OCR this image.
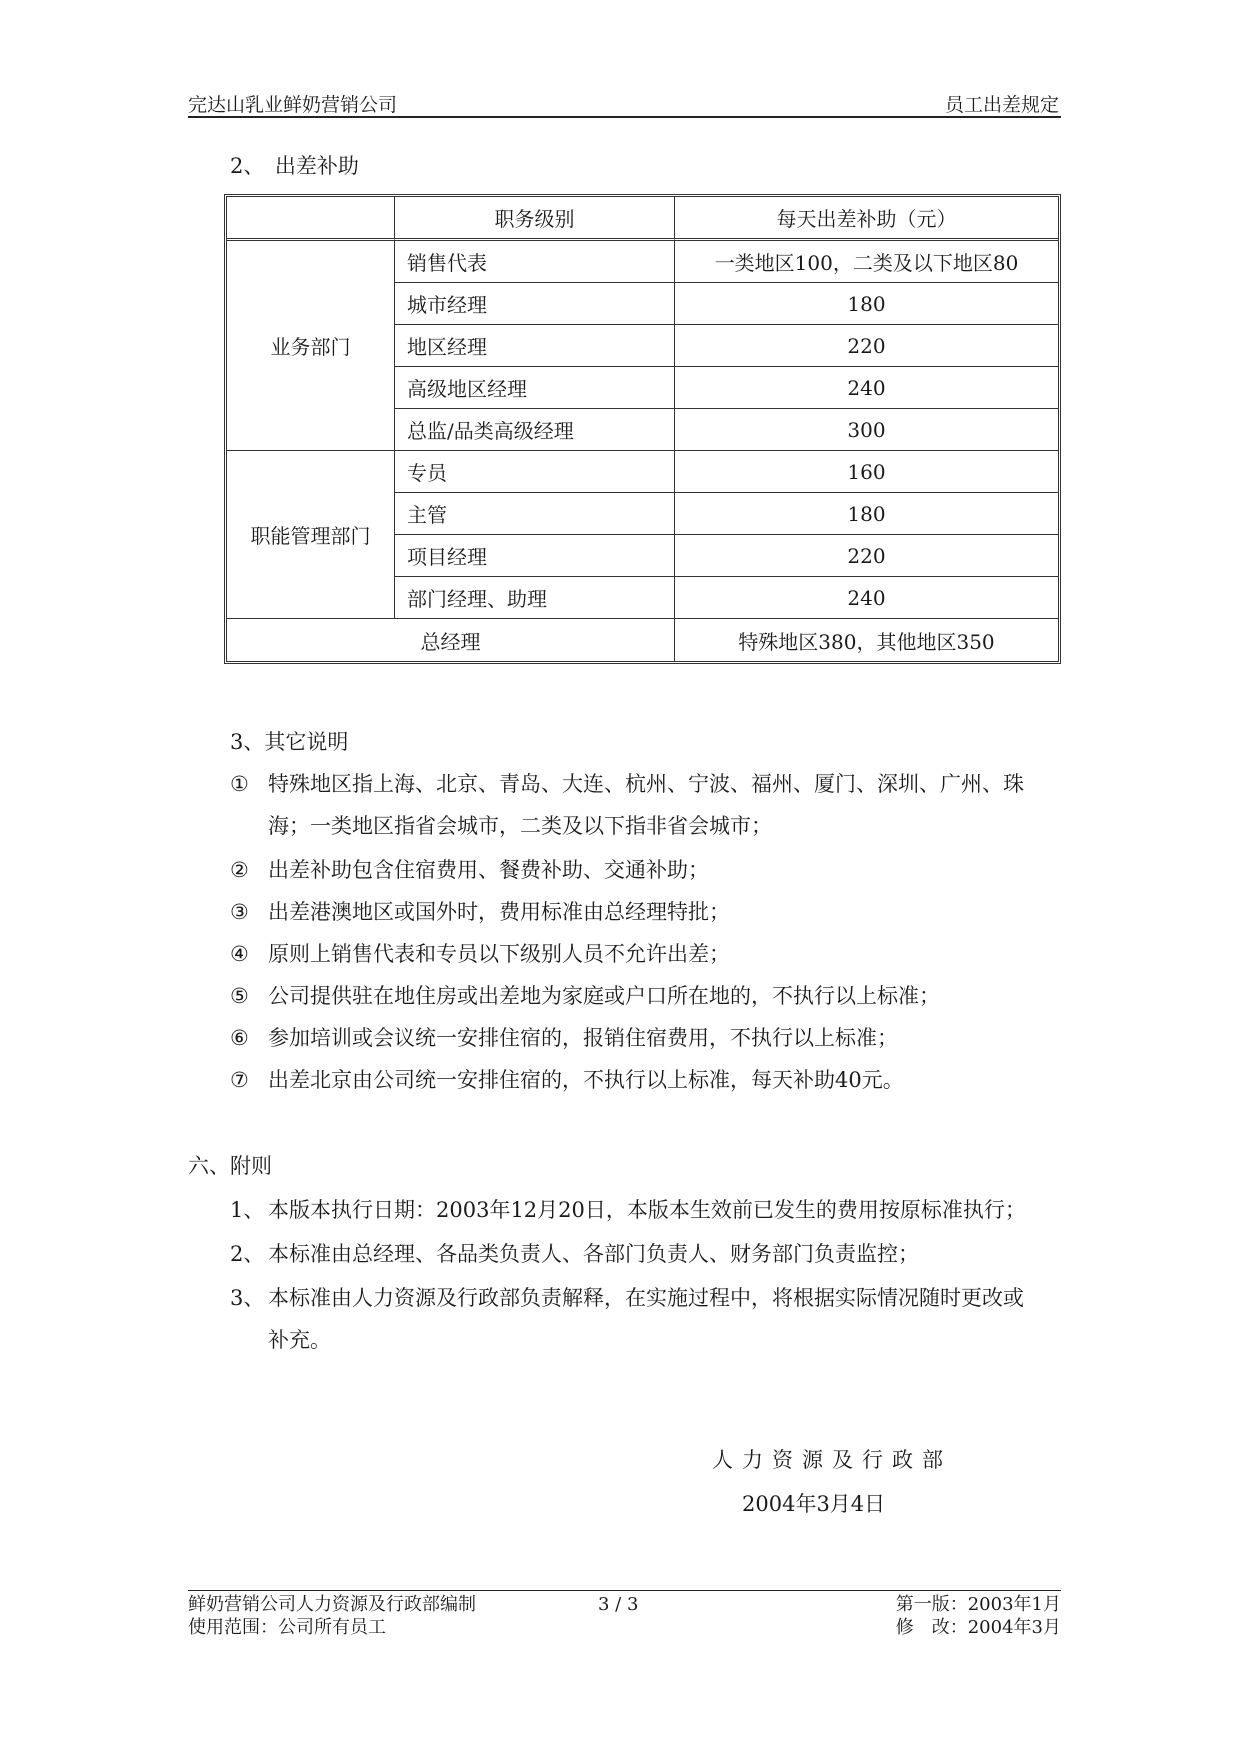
完达山乳业鲜奶营销公司	员工出差规定
2、　出差补助
	职务级别	每天出差补助（元）
业务部门	销售代表	一类地区100，二类及以下地区80
	城市经理	180
	地区经理	220
	高级地区经理	240
	总监/品类高级经理	300
职能管理部门	专员	160
	主管	180
	项目经理	220
	部门经理、助理	240
总经理		特殊地区380，其他地区350
3、其它说明
① 特殊地区指上海、北京、青岛、大连、杭州、宁波、福州、厦门、深圳、广州、珠
海；一类地区指省会城市，二类及以下指非省会城市；
② 出差补助包含住宿费用、餐费补助、交通补助；
③ 出差港澳地区或国外时，费用标准由总经理特批；
④ 原则上销售代表和专员以下级别人员不允许出差；
⑤ 公司提供驻在地住房或出差地为家庭或户口所在地的，不执行以上标准；
⑥ 参加培训或会议统一安排住宿的，报销住宿费用，不执行以上标准；
⑦ 出差北京由公司统一安排住宿的，不执行以上标准，每天补助40元。
六、附则
1、 本版本执行日期：2003年12月20日，本版本生效前已发生的费用按原标准执行；
2、 本标准由总经理、各品类负责人、各部门负责人、财务部门负责监控；
3、 本标准由人力资源及行政部负责解释，在实施过程中，将根据实际情况随时更改或
补充。
人力资源及行政部
2004年3月4日
鲜奶营销公司人力资源及行政部编制
使用范围：公司所有员工
3 / 3	第一版：2003年1月
修　改：2004年3月
